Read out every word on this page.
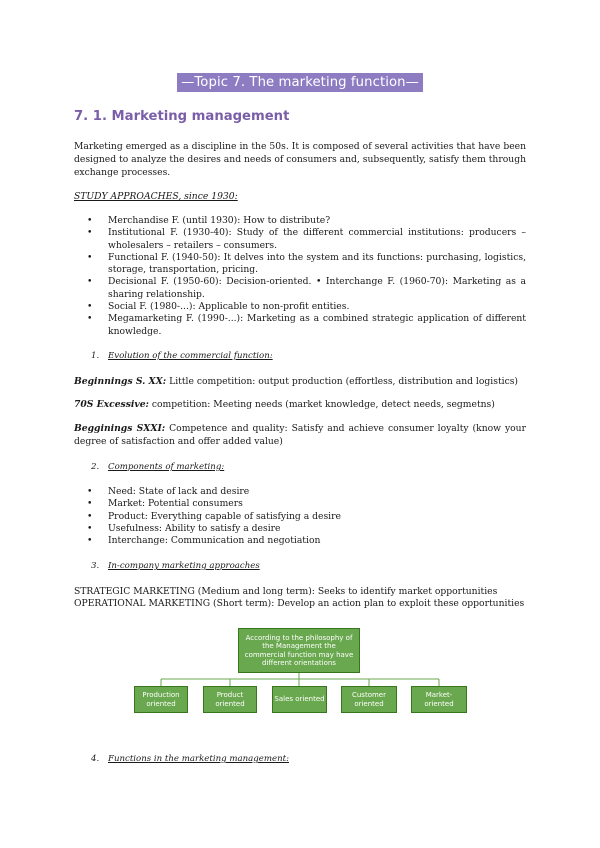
—Topic 7. The marketing function—
7. 1. Marketing management

Marketing emerged as a discipline in the 50s. It is composed of several activities that have been designed to analyze the desires and needs of consumers and, subsequently, satisfy them through exchange processes.

STUDY APPROACHES, since 1930:

• Merchandise F. (until 1930): How to distribute?
• Institutional F. (1930-40): Study of the different commercial institutions: producers – wholesalers – retailers – consumers.
• Functional F. (1940-50): It delves into the system and its functions: purchasing, logistics, storage, transportation, pricing.
• Decisional F. (1950-60): Decision-oriented. • Interchange F. (1960-70): Marketing as a sharing relationship.
• Social F. (1980-...): Applicable to non-profit entities.
• Megamarketing F. (1990-...): Marketing as a combined strategic application of different knowledge.
1. Evolution of the commercial function:

Beginnings S. XX: Little competition: output production (effortless, distribution and logistics)

70S Excessive: competition: Meeting needs (market knowledge, detect needs, segmetns)

Begginings SXXI: Competence and quality: Satisfy and achieve consumer loyalty (know your degree of satisfaction and offer added value)

2. Components of marketing:
• Need: State of lack and desire
• Market: Potential consumers
• Product: Everything capable of satisfying a desire
• Usefulness: Ability to satisfy a desire
• Interchange: Communication and negotiation
3. In-company marketing approaches

STRATEGIC MARKETING (Medium and long term): Seeks to identify market opportunities

OPERATIONAL MARKETING (Short term): Develop an action plan to exploit these opportunities

According to the philosophy of the Management the commercial function may have different orientations
Production oriented
Product oriented
Sales oriented
Customer oriented
Market-oriented
4. Functions in the marketing management:
